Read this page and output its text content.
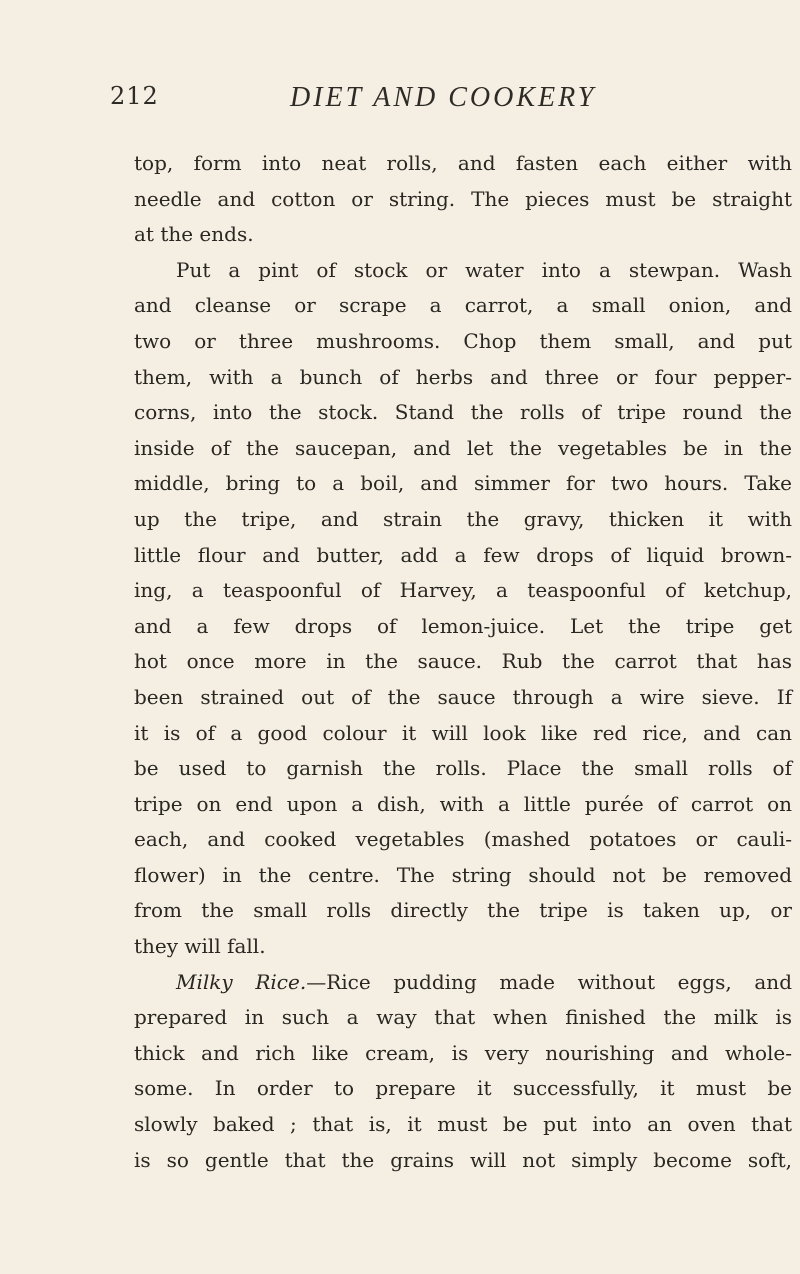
212	DIET AND COOKERY
top, form into neat rolls, and fasten each either with
needle and cotton or string. The pieces must be straight
at the ends.
Put a pint of stock or water into a stewpan. Wash
and cleanse or scrape a carrot, a small onion, and
two or three mushrooms. Chop them small, and put
them, with a bunch of herbs and three or four pepper-
corns, into the stock. Stand the rolls of tripe round the
inside of the saucepan, and let the vegetables be in the
middle, bring to a boil, and simmer for two hours. Take
up the tripe, and strain the gravy, thicken it with
little flour and butter, add a few drops of liquid brown-
ing, a teaspoonful of Harvey, a teaspoonful of ketchup,
and a few drops of lemon-juice. Let the tripe get
hot once more in the sauce. Rub the carrot that has
been strained out of the sauce through a wire sieve. If
it is of a good colour it will look like red rice, and can
be used to garnish the rolls. Place the small rolls of
tripe on end upon a dish, with a little purée of carrot on
each, and cooked vegetables (mashed potatoes or cauli-
flower) in the centre. The string should not be removed
from the small rolls directly the tripe is taken up, or
they will fall.
Milky Rice.—Rice pudding made without eggs, and
prepared in such a way that when finished the milk is
thick and rich like cream, is very nourishing and whole-
some. In order to prepare it successfully, it must be
slowly baked ; that is, it must be put into an oven that
is so gentle that the grains will not simply become soft,
